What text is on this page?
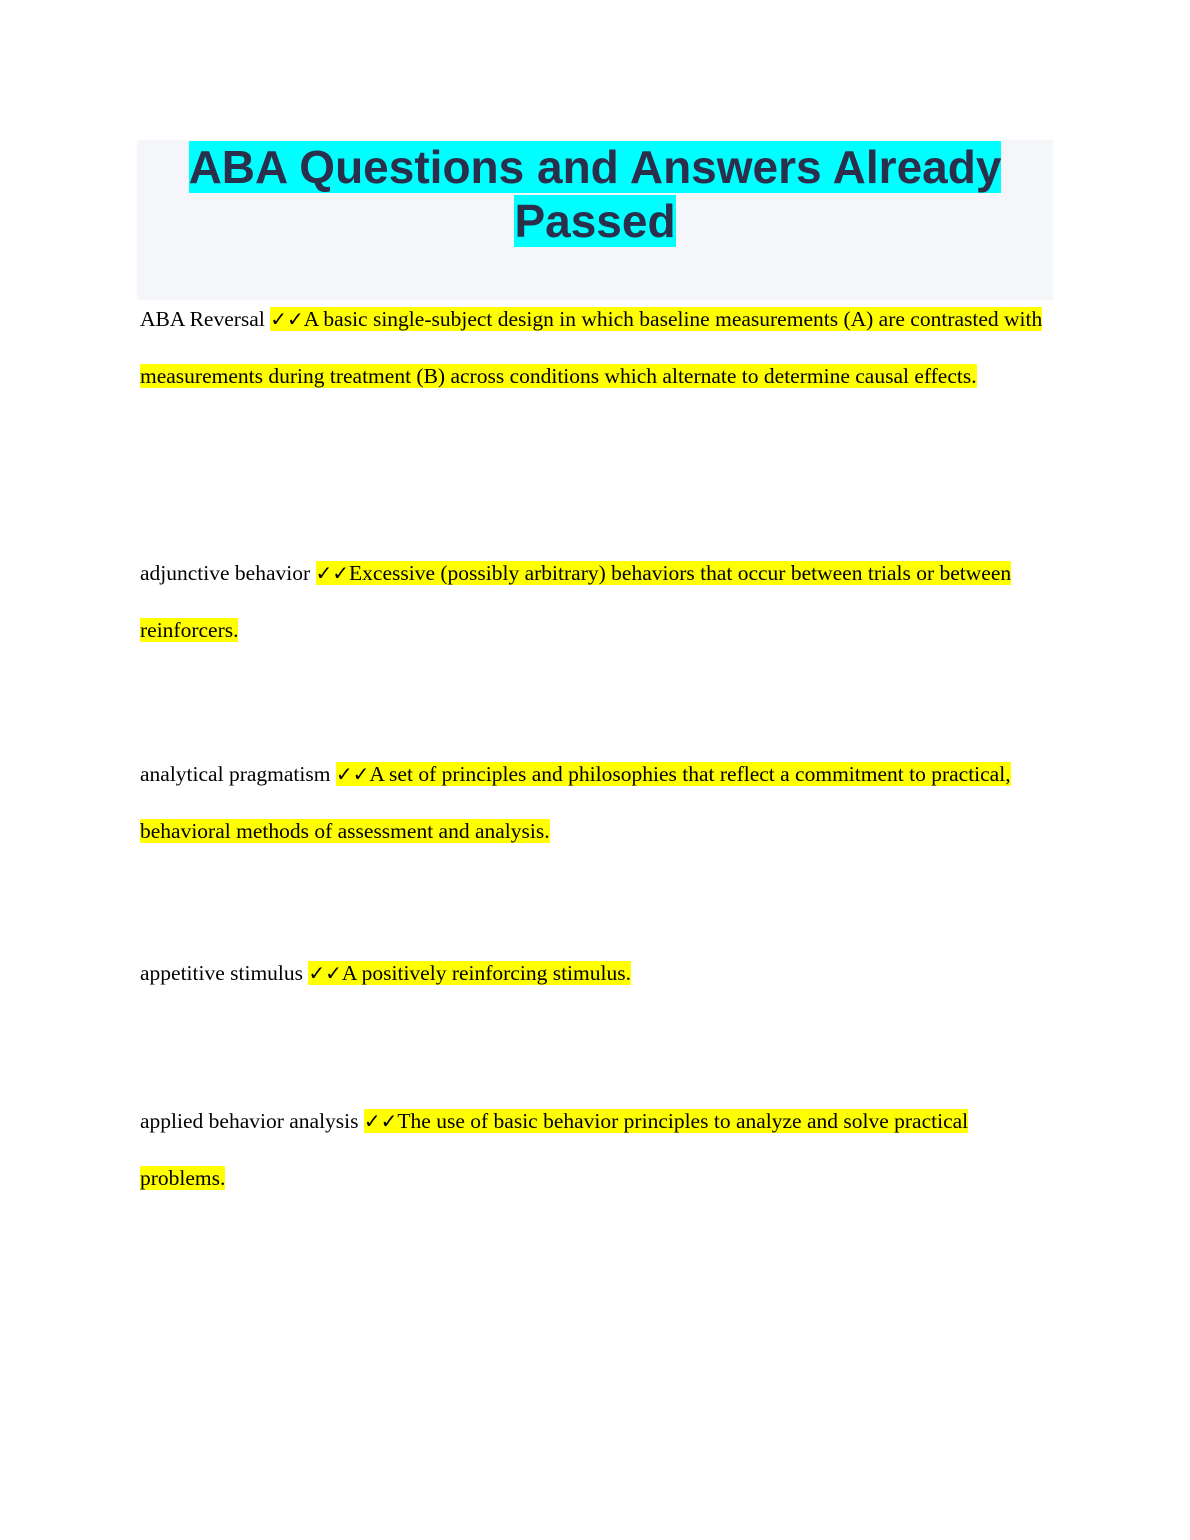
ABA Questions and Answers Already Passed
ABA Reversal ✓✓A basic single-subject design in which baseline measurements (A) are contrasted with measurements during treatment (B) across conditions which alternate to determine causal effects.
adjunctive behavior ✓✓Excessive (possibly arbitrary) behaviors that occur between trials or between reinforcers.
analytical pragmatism ✓✓A set of principles and philosophies that reflect a commitment to practical, behavioral methods of assessment and analysis.
appetitive stimulus ✓✓A positively reinforcing stimulus.
applied behavior analysis ✓✓The use of basic behavior principles to analyze and solve practical problems.
